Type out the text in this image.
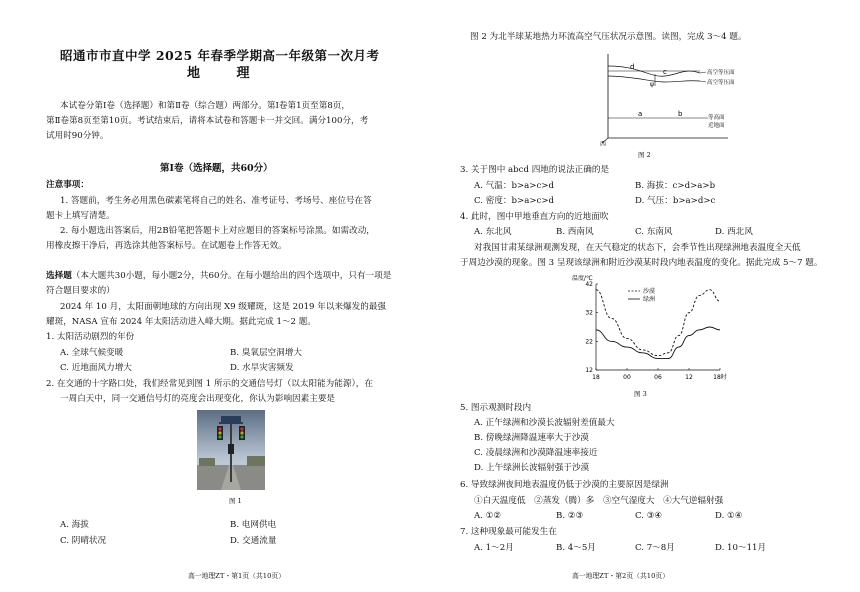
昭通市市直中学 2025 年春季学期高一年级第一次月考
地 理
本试卷分第Ⅰ卷（选择题）和第Ⅱ卷（综合题）两部分。第Ⅰ卷第1页至第8页，
第Ⅱ卷第8页至第10页。考试结束后，请将本试卷和答题卡一并交回。满分100分，考
试用时90分钟。
第Ⅰ卷（选择题，共60分）
注意事项：
1. 答题前，考生务必用黑色碳素笔将自己的姓名、准考证号、考场号、座位号在答
题卡上填写清楚。
2. 每小题选出答案后，用2B铅笔把答题卡上对应题目的答案标号涂黑。如需改动，
用橡皮擦干净后，再选涂其他答案标号。在试题卷上作答无效。
选择题（本大题共30小题，每小题2分，共60分。在每小题给出的四个选项中，只有一项是
符合题目要求的）
2024 年 10 月，太阳面朝地球的方向出现 X9 级耀斑，这是 2019 年以来爆发的最强
耀斑，NASA 宣布 2024 年太阳活动进入峰大期。据此完成 1～2 题。
1. 太阳活动剧烈的年份
A. 全球气候变暖	B. 臭氧层空洞增大
C. 近地面风力增大	D. 水旱灾害频发
2. 在交通的十字路口处，我们经常见到图 1 所示的交通信号灯（以太阳能为能源），在
一周白天中，同一交通信号灯的亮度会出现变化，你认为影响因素主要是
图 1
A. 海拔	B. 电网供电
C. 阴晴状况	D. 交通流量
高一地理ZT・第1页（共10页）
图 2 为北半球某地热力环流高空气压状况示意图。读图，完成 3～4 题。
d
c
a	b
ψ
高空等压面
高空等压面
等高面
近地面
西
图 2
3. 关于图中 abcd 四地的说法正确的是
A. 气温：b>a>c>d	B. 海拔：c>d>a>b
C. 密度：b>a>c>d	D. 气压：b>a>d>c
4. 此时，图中甲地垂直方向的近地面吹
A. 东北风	B. 西南风	C. 东南风	D. 西北风
对我国甘肃某绿洲观测发现，在天气稳定的状态下，会季节性出现绿洲地表温度全天低
于周边沙漠的现象。图 3 呈现该绿洲和附近沙漠某时段内地表温度的变化。据此完成 5～7 题。
温度/℃
12
22
32
42
18	00	06	12	18时
沙漠
绿洲
图 3
5. 图示观测时段内
A. 正午绿洲和沙漠长波辐射差值最大
B. 傍晚绿洲降温速率大于沙漠
C. 凌晨绿洲和沙漠降温速率接近
D. 上午绿洲长波辐射强于沙漠
6. 导致绿洲夜间地表温度仍低于沙漠的主要原因是绿洲
①白天温度低　②蒸发（腾）多　③空气湿度大　④大气逆辐射强
A. ①②	B. ②③	C. ③④	D. ①④
7. 这种现象最可能发生在
A. 1～2月	B. 4～5月	C. 7～8月	D. 10～11月
高一地理ZT・第2页（共10页）
